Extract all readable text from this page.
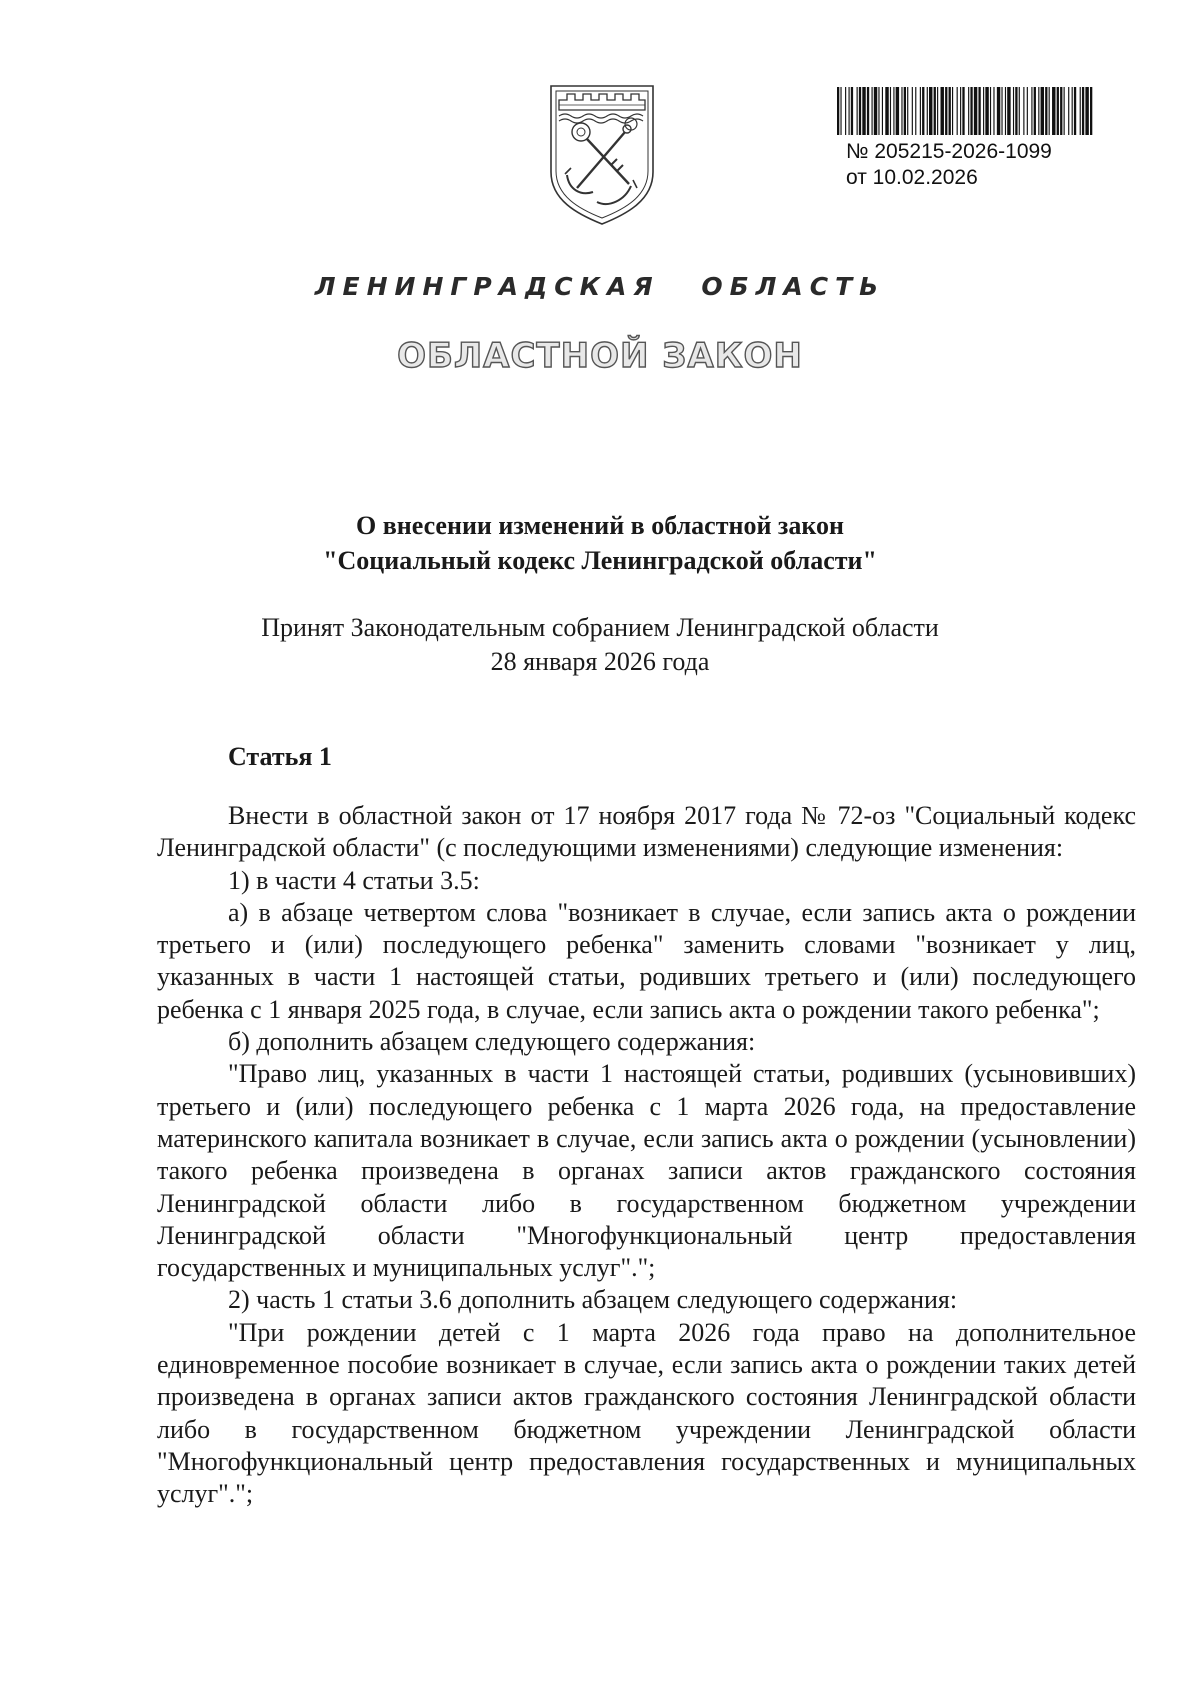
№ 205215-2026-1099
от 10.02.2026
ЛЕНИНГРАДСКАЯ ОБЛАСТЬ
ОБЛАСТНОЙ ЗАКОН
О внесении изменений в областной закон
"Социальный кодекс Ленинградской области"
Принят Законодательным собранием Ленинградской области
28 января 2026 года
Статья 1

Внести в областной закон от 17 ноября 2017 года № 72-оз "Социальный кодекс Ленинградской области" (с последующими изменениями) следующие изменения:

1) в части 4 статьи 3.5:

а) в абзаце четвертом слова "возникает в случае, если запись акта о рождении третьего и (или) последующего ребенка" заменить словами "возникает у лиц, указанных в части 1 настоящей статьи, родивших третьего и (или) последующего ребенка с 1 января 2025 года, в случае, если запись акта о рождении такого ребенка";

б) дополнить абзацем следующего содержания:

"Право лиц, указанных в части 1 настоящей статьи, родивших (усыновивших) третьего и (или) последующего ребенка с 1 марта 2026 года, на предоставление материнского капитала возникает в случае, если запись акта о рождении (усыновлении) такого ребенка произведена в органах записи актов гражданского состояния Ленинградской области либо в государственном бюджетном учреждении Ленинградской области "Многофункциональный центр предоставления государственных и муниципальных услуг".";

2) часть 1 статьи 3.6 дополнить абзацем следующего содержания:

"При рождении детей с 1 марта 2026 года право на дополнительное единовременное пособие возникает в случае, если запись акта о рождении таких детей произведена в органах записи актов гражданского состояния Ленинградской области либо в государственном бюджетном учреждении Ленинградской области "Многофункциональный центр предоставления государственных и муниципальных услуг".";
